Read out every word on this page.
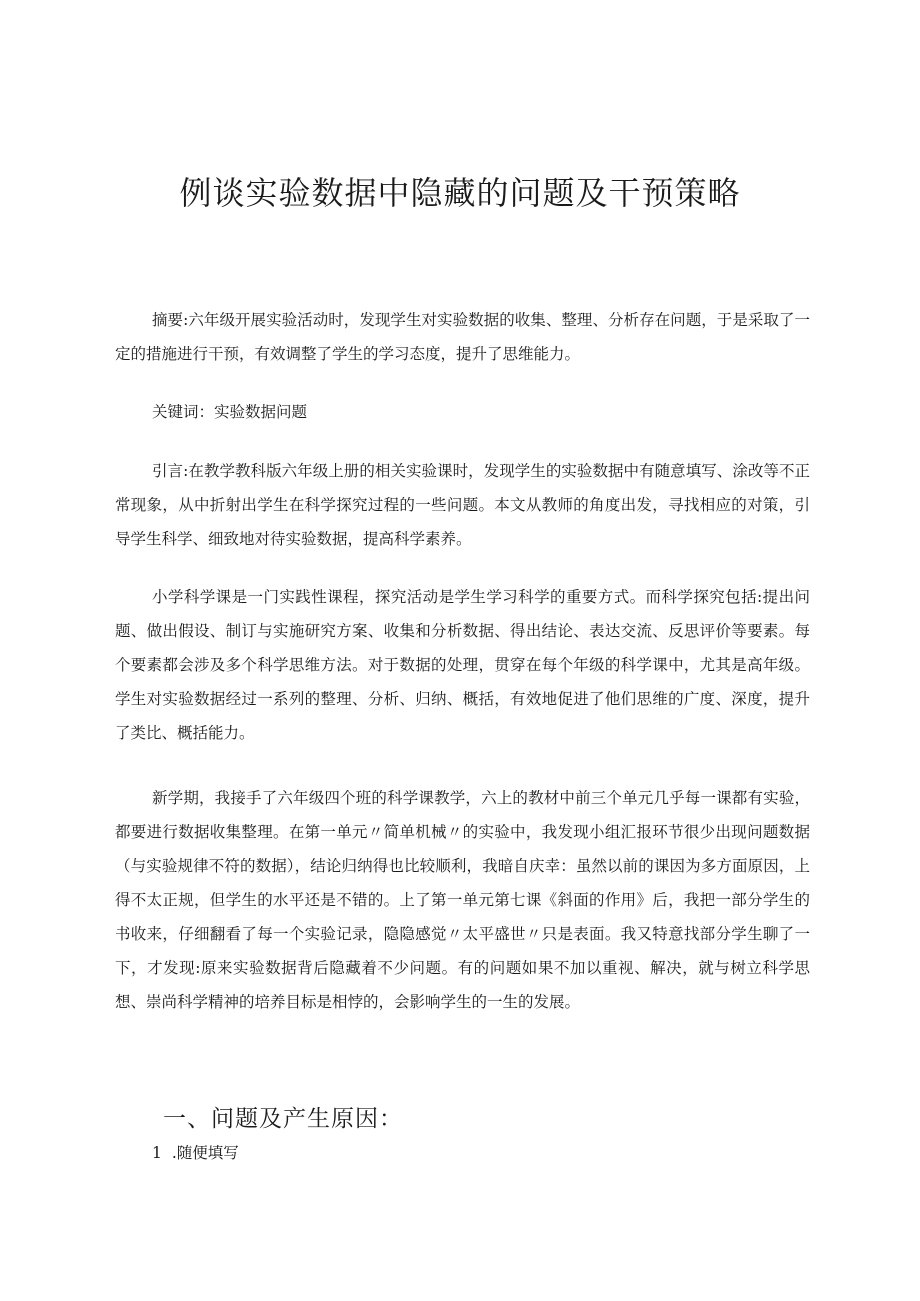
例谈实验数据中隐藏的问题及干预策略

摘要:六年级开展实验活动时，发现学生对实验数据的收集、整理、分析存在问题，于是采取了一定的措施进行干预，有效调整了学生的学习态度，提升了思维能力。

关键词：实验数据问题

引言:在教学教科版六年级上册的相关实验课时，发现学生的实验数据中有随意填写、涂改等不正常现象，从中折射出学生在科学探究过程的一些问题。本文从教师的角度出发，寻找相应的对策，引导学生科学、细致地对待实验数据，提高科学素养。

小学科学课是一门实践性课程，探究活动是学生学习科学的重要方式。而科学探究包括:提出问题、做出假设、制订与实施研究方案、收集和分析数据、得出结论、表达交流、反思评价等要素。每个要素都会涉及多个科学思维方法。对于数据的处理，贯穿在每个年级的科学课中，尤其是高年级。学生对实验数据经过一系列的整理、分析、归纳、概括，有效地促进了他们思维的广度、深度，提升了类比、概括能力。

新学期，我接手了六年级四个班的科学课教学，六上的教材中前三个单元几乎每一课都有实验，都要进行数据收集整理。在第一单元〃简单机械〃的实验中，我发现小组汇报环节很少出现问题数据（与实验规律不符的数据），结论归纳得也比较顺利，我暗自庆幸：虽然以前的课因为多方面原因，上得不太正规，但学生的水平还是不错的。上了第一单元第七课《斜面的作用》后，我把一部分学生的书收来，仔细翻看了每一个实验记录，隐隐感觉〃太平盛世〃只是表面。我又特意找部分学生聊了一下，才发现:原来实验数据背后隐藏着不少问题。有的问题如果不加以重视、解决，就与树立科学思想、崇尚科学精神的培养目标是相悖的，会影响学生的一生的发展。

一、问题及产生原因：

1 .随便填写
